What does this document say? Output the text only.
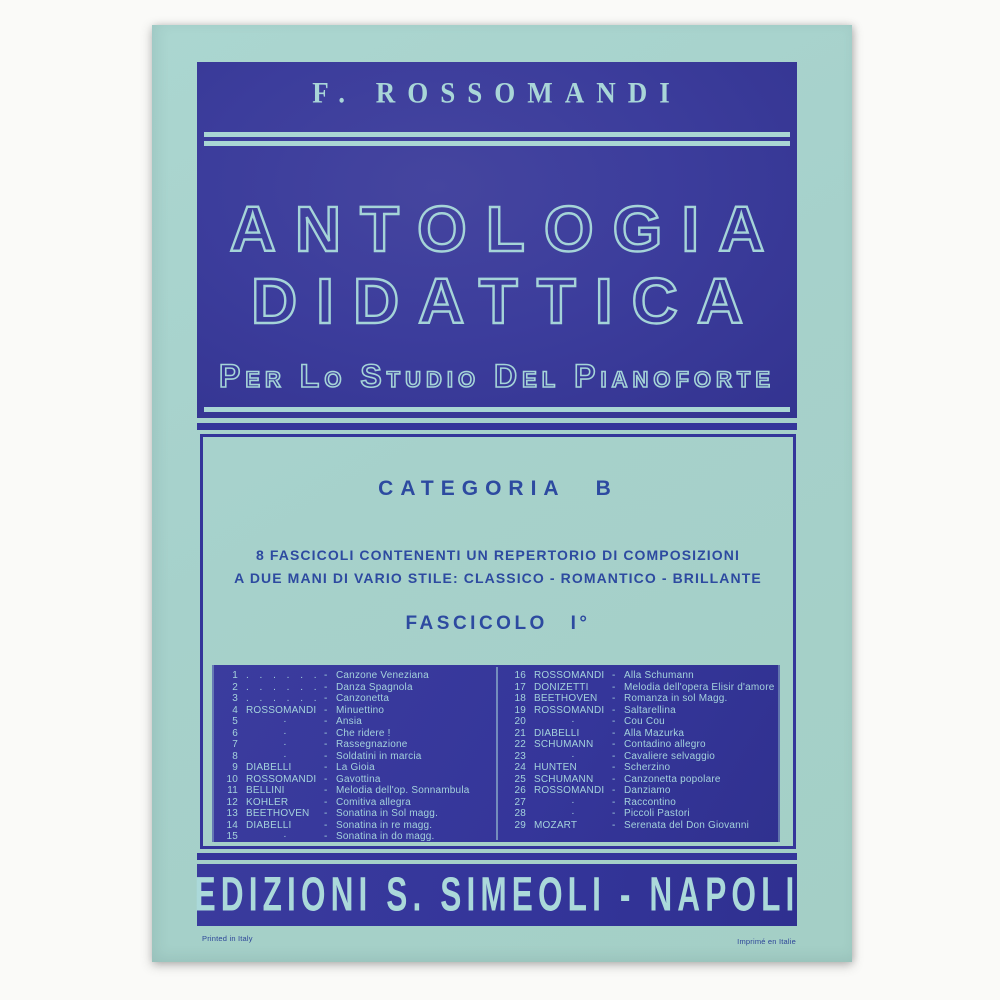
F. ROSSOMANDI
ANTOLOGIA
DIDATTICA
Per Lo Studio Del Pianoforte
CATEGORIA B
8 FASCICOLI CONTENENTI UN REPERTORIO DI COMPOSIZIONI
A DUE MANI DI VARIO STILE: CLASSICO - ROMANTICO - BRILLANTE
FASCICOLO I°
1 . . . . . . - Canzone Veneziana
2 . . . . . . - Danza Spagnola
3 . . . . . . - Canzonetta
4 ROSSOMANDI - Minuettino
5	·	- Ansia
6	·	- Che ridere !
7	·	- Rassegnazione
8	·	- Soldatini in marcia
9 DIABELLI	- La Gioia
10 ROSSOMANDI - Gavottina
11 BELLINI	- Melodia dell'op. Sonnambula
12 KOHLER	- Comitiva allegra
13 BEETHOVEN	- Sonatina in Sol magg.
14 DIABELLI	- Sonatina in re magg.
15	·	- Sonatina in do magg.
16 ROSSOMANDI - Alla Schumann
17 DONIZETTI	- Melodia dell'opera Elisir d'amore
18 BEETHOVEN	- Romanza in sol Magg.
19 ROSSOMANDI - Saltarellina
20	·	- Cou Cou
21 DIABELLI	- Alla Mazurka
22 SCHUMANN	- Contadino allegro
23	·	- Cavaliere selvaggio
24 HUNTEN	- Scherzino
25 SCHUMANN	- Canzonetta popolare
26 ROSSOMANDI - Danziamo
27	·	- Raccontino
28	·	- Piccoli Pastori
29 MOZART	- Serenata del Don Giovanni
EDIZIONI S. SIMEOLI - NAPOLI
Printed in Italy	Imprimé en Italie
